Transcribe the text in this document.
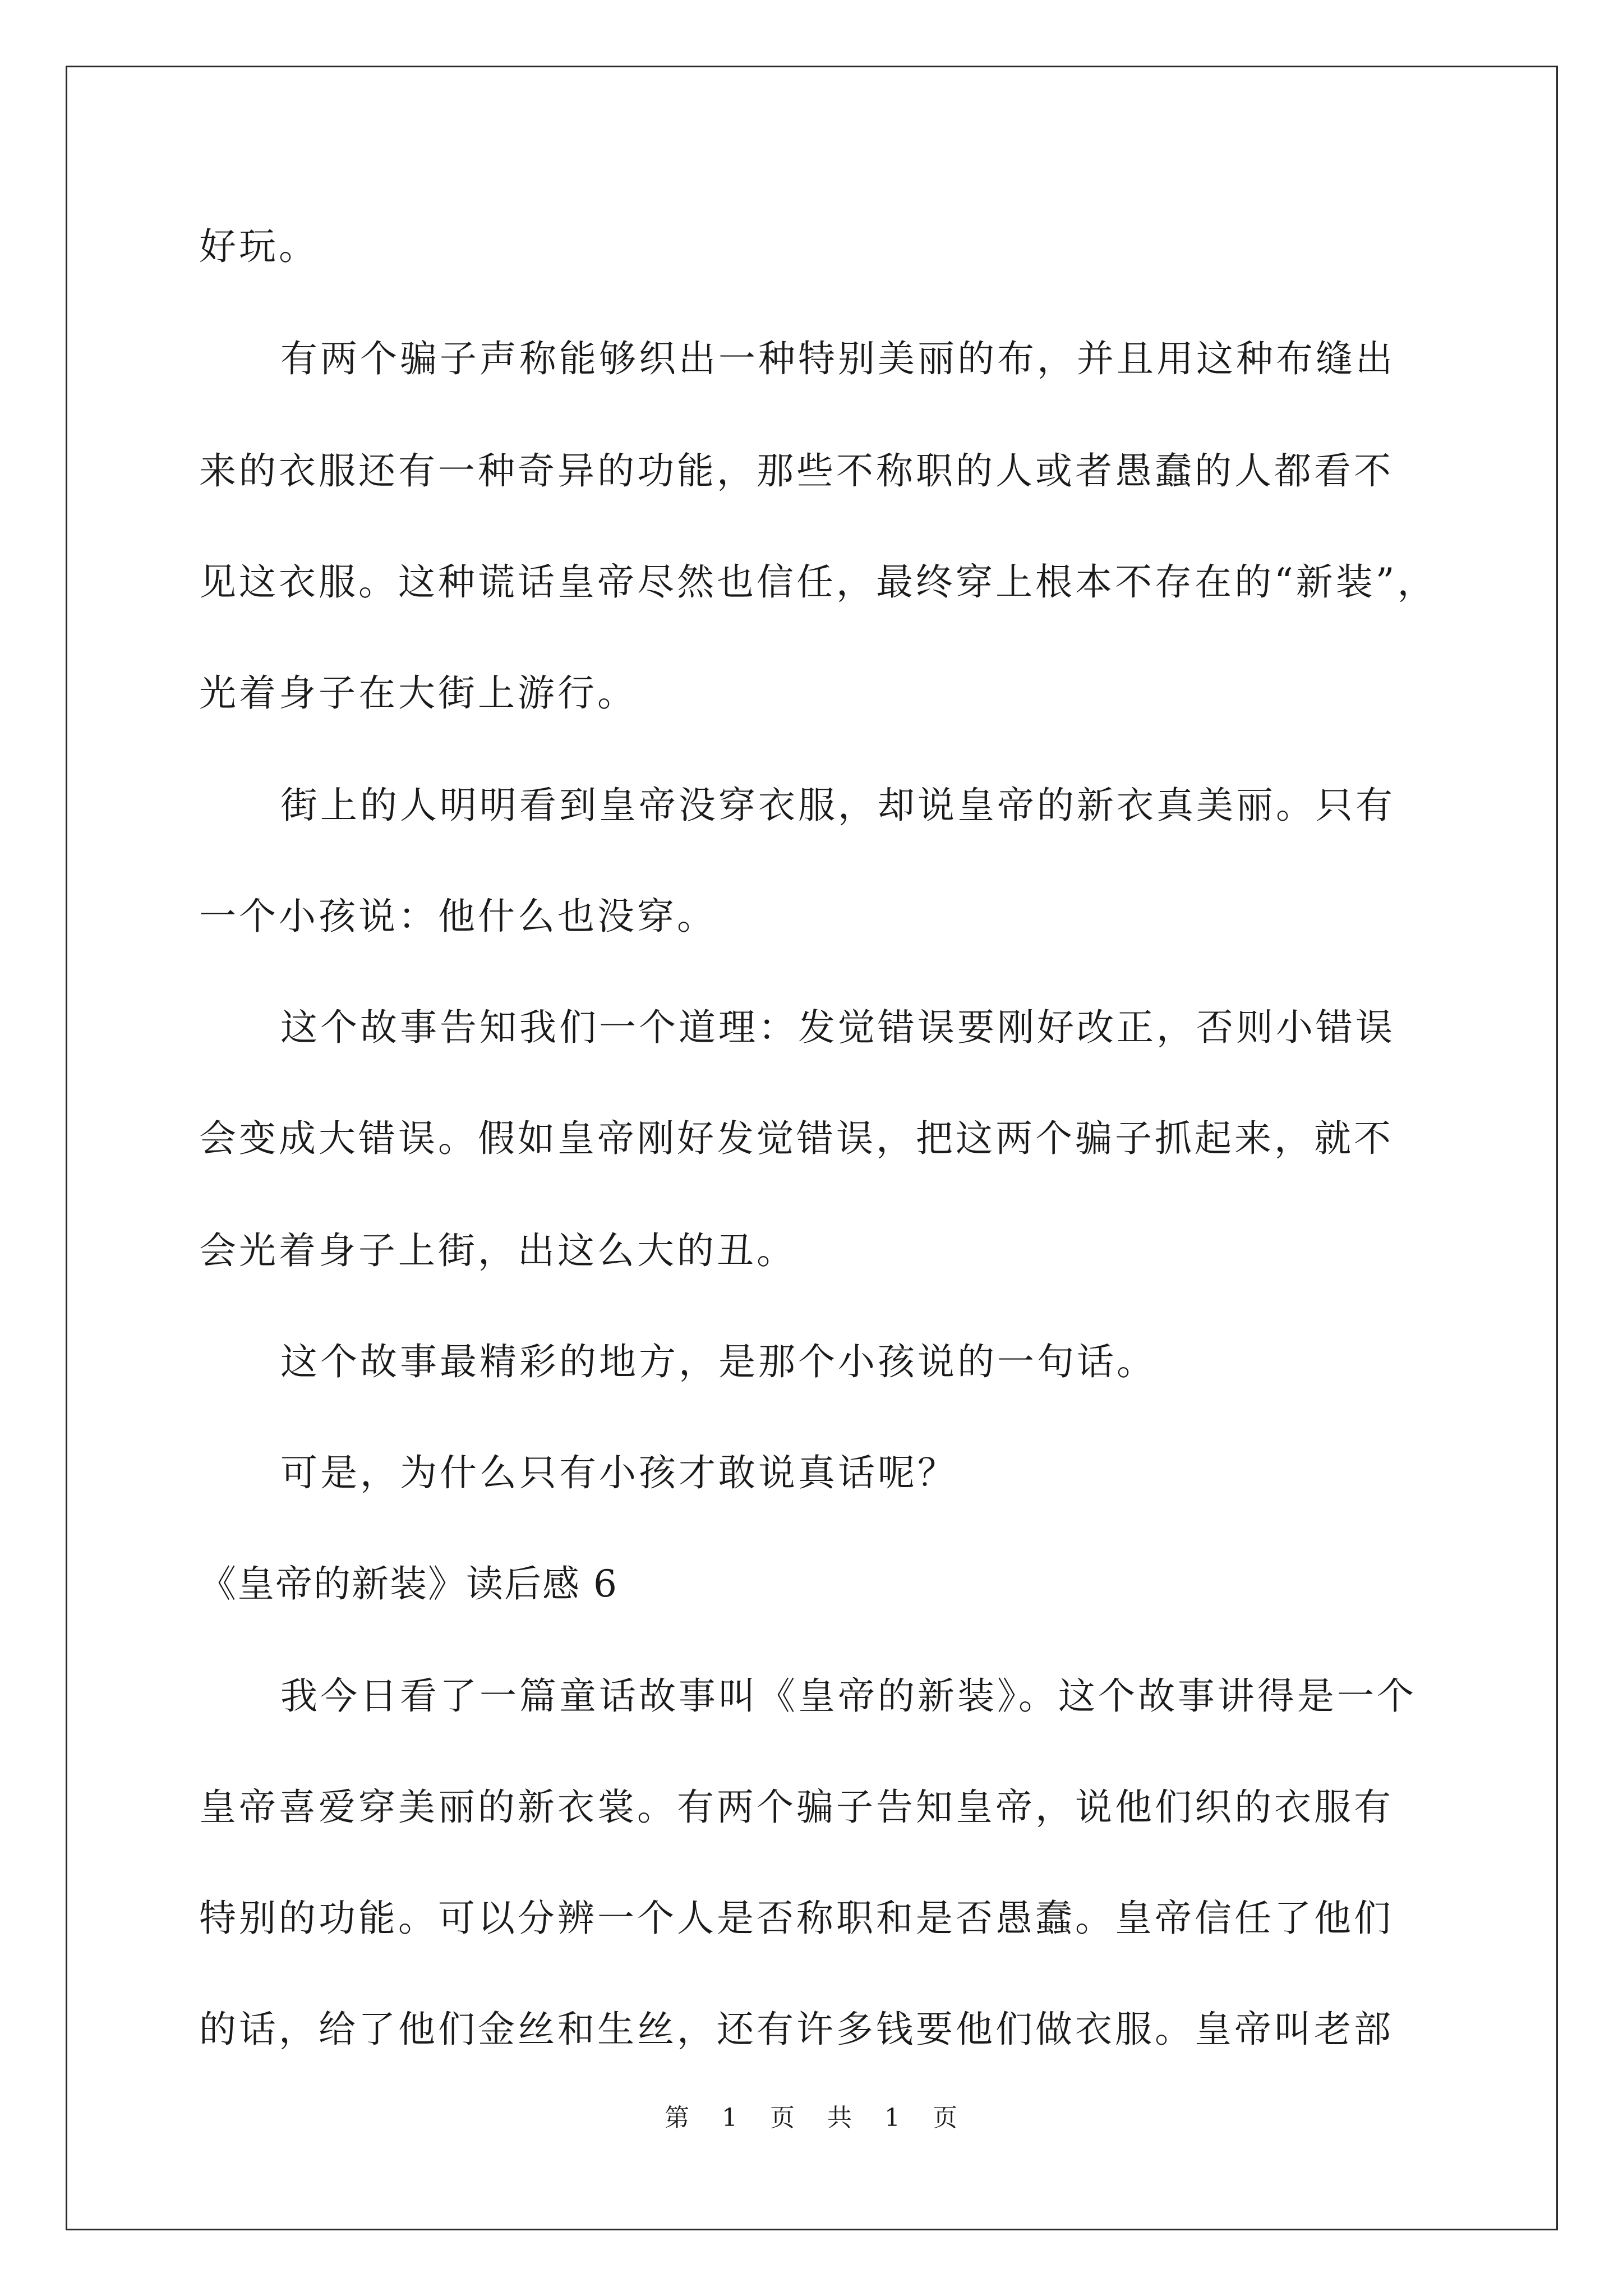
好玩。
有两个骗子声称能够织出一种特别美丽的布，并且用这种布缝出
来的衣服还有一种奇异的功能，那些不称职的人或者愚蠢的人都看不
见这衣服。这种谎话皇帝尽然也信任，最终穿上根本不存在的“新装”，
光着身子在大街上游行。
街上的人明明看到皇帝没穿衣服，却说皇帝的新衣真美丽。只有
一个小孩说：他什么也没穿。
这个故事告知我们一个道理：发觉错误要刚好改正，否则小错误
会变成大错误。假如皇帝刚好发觉错误，把这两个骗子抓起来，就不
会光着身子上街，出这么大的丑。
这个故事最精彩的地方，是那个小孩说的一句话。
可是，为什么只有小孩才敢说真话呢？
《皇帝的新装》读后感 6
我今日看了一篇童话故事叫《皇帝的新装》。这个故事讲得是一个
皇帝喜爱穿美丽的新衣裳。有两个骗子告知皇帝，说他们织的衣服有
特别的功能。可以分辨一个人是否称职和是否愚蠢。皇帝信任了他们
的话，给了他们金丝和生丝，还有许多钱要他们做衣服。皇帝叫老部
第 1 页 共 1 页
